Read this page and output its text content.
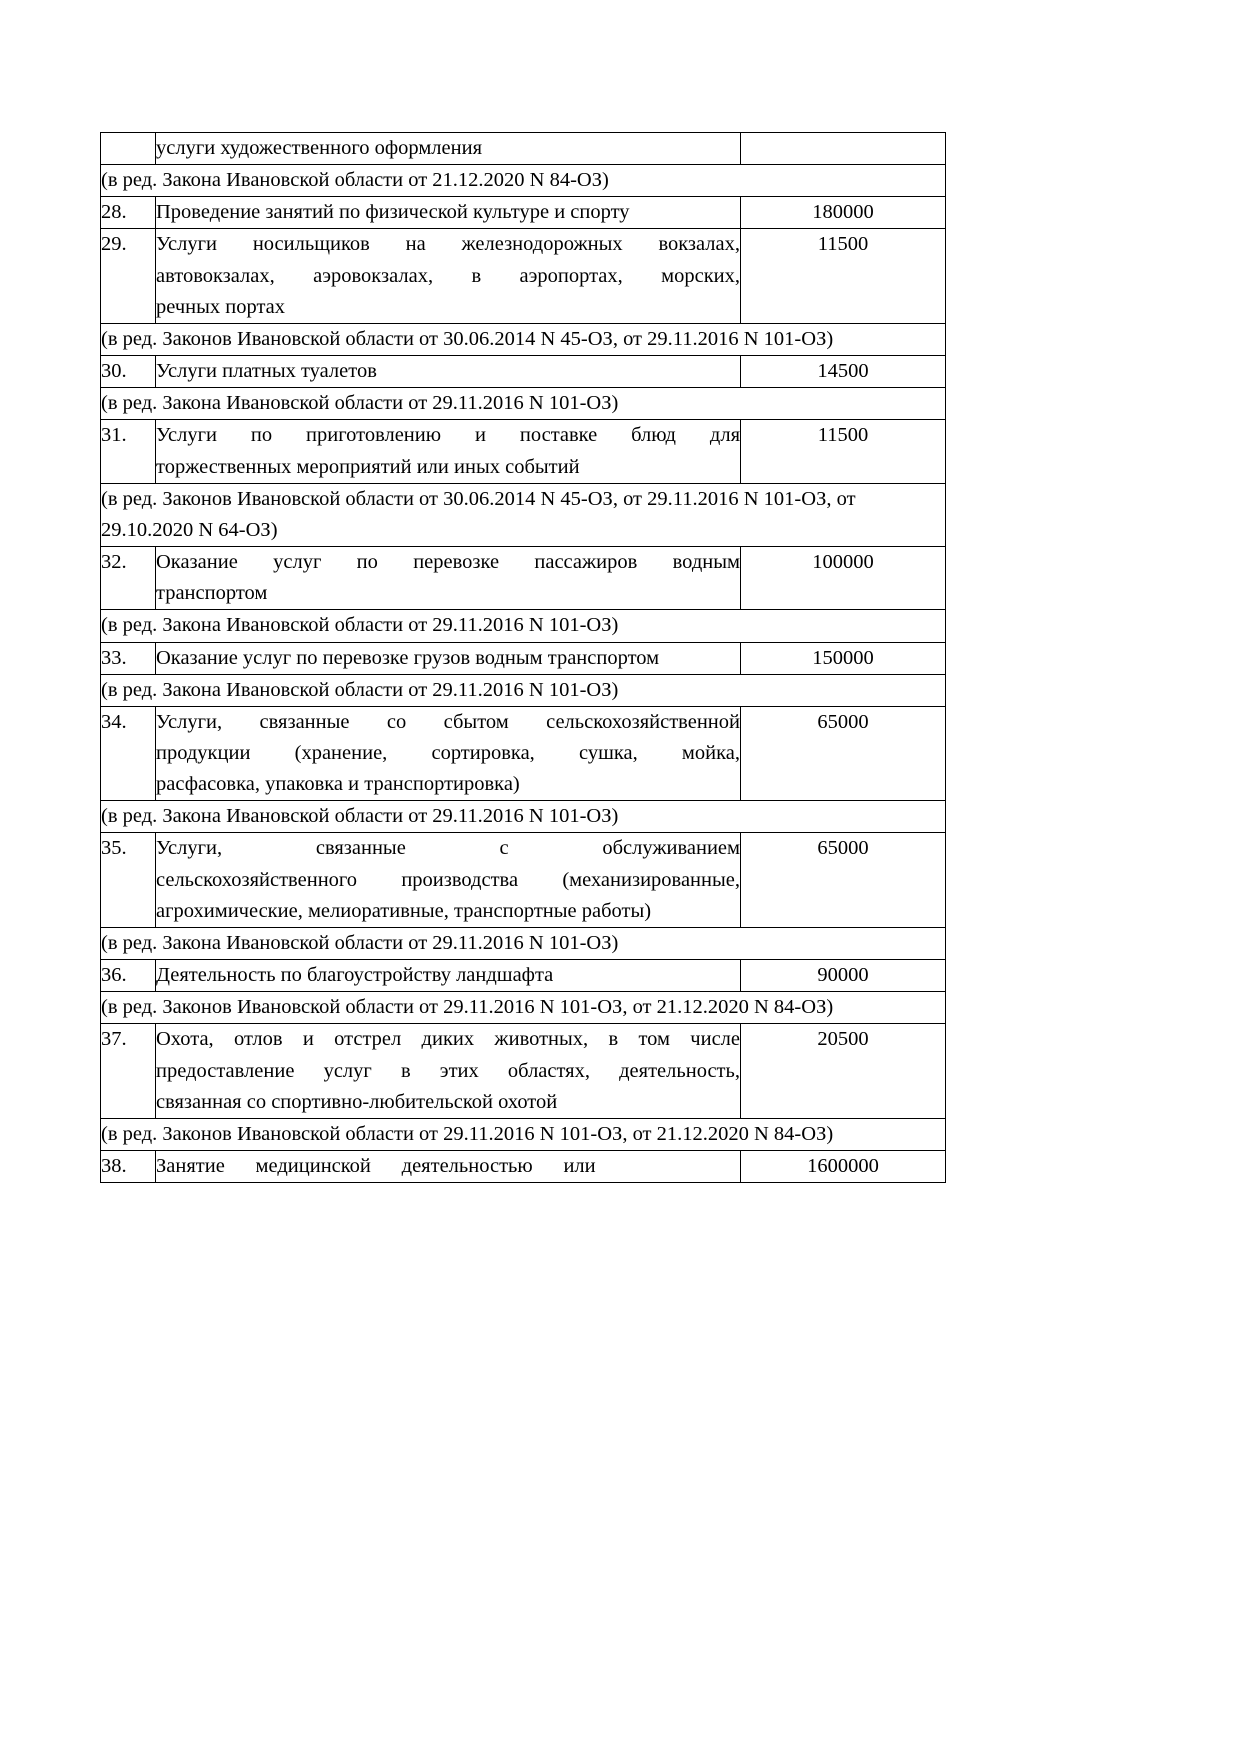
	услуги художественного оформления	

(в ред. Закона Ивановской области от 21.12.2020 N 84-ОЗ)		
28.	Проведение занятий по физической культуре и спорту	180000
29.	Услуги   носильщиков   на   железнодорожных   вокзалах,
автовокзалах,    аэровокзалах,    в    аэропортах,    морских,
речных портах	11500
(в ред. Законов Ивановской области от 30.06.2014 N 45-ОЗ, от 29.11.2016 N 101-ОЗ)		
30.	Услуги платных туалетов	14500
(в ред. Закона Ивановской области от 29.11.2016 N 101-ОЗ)		
31.	Услуги    по    приготовлению    и    поставке    блюд    для
торжественных мероприятий или иных событий	11500
(в ред. Законов Ивановской области от 30.06.2014 N 45-ОЗ, от 29.11.2016 N 101-ОЗ, от 29.10.2020 N 64-ОЗ)		
32.	Оказание    услуг    по    перевозке    пассажиров    водным
транспортом	100000
(в ред. Закона Ивановской области от 29.11.2016 N 101-ОЗ)		
33.	Оказание услуг по перевозке грузов водным транспортом	150000
(в ред. Закона Ивановской области от 29.11.2016 N 101-ОЗ)		
34.	Услуги,   связанные   со   сбытом   сельскохозяйственной
продукции    (хранение,    сортировка,    сушка,    мойка,
расфасовка, упаковка и транспортировка)	65000
(в ред. Закона Ивановской области от 29.11.2016 N 101-ОЗ)		
35.	Услуги,        связанные        с        обслуживанием
сельскохозяйственного производства (механизированные,
агрохимические, мелиоративные, транспортные работы)	65000
(в ред. Закона Ивановской области от 29.11.2016 N 101-ОЗ)		
36.	Деятельность по благоустройству ландшафта	90000
(в ред. Законов Ивановской области от 29.11.2016 N 101-ОЗ, от 21.12.2020 N 84-ОЗ)		
37.	Охота,  отлов  и  отстрел  диких  животных,  в  том  числе
предоставление   услуг   в   этих   областях,   деятельность,
связанная со спортивно-любительской охотой	20500
(в ред. Законов Ивановской области от 29.11.2016 N 101-ОЗ, от 21.12.2020 N 84-ОЗ)		
38.	Занятие      медицинской      деятельностью      или	1600000
